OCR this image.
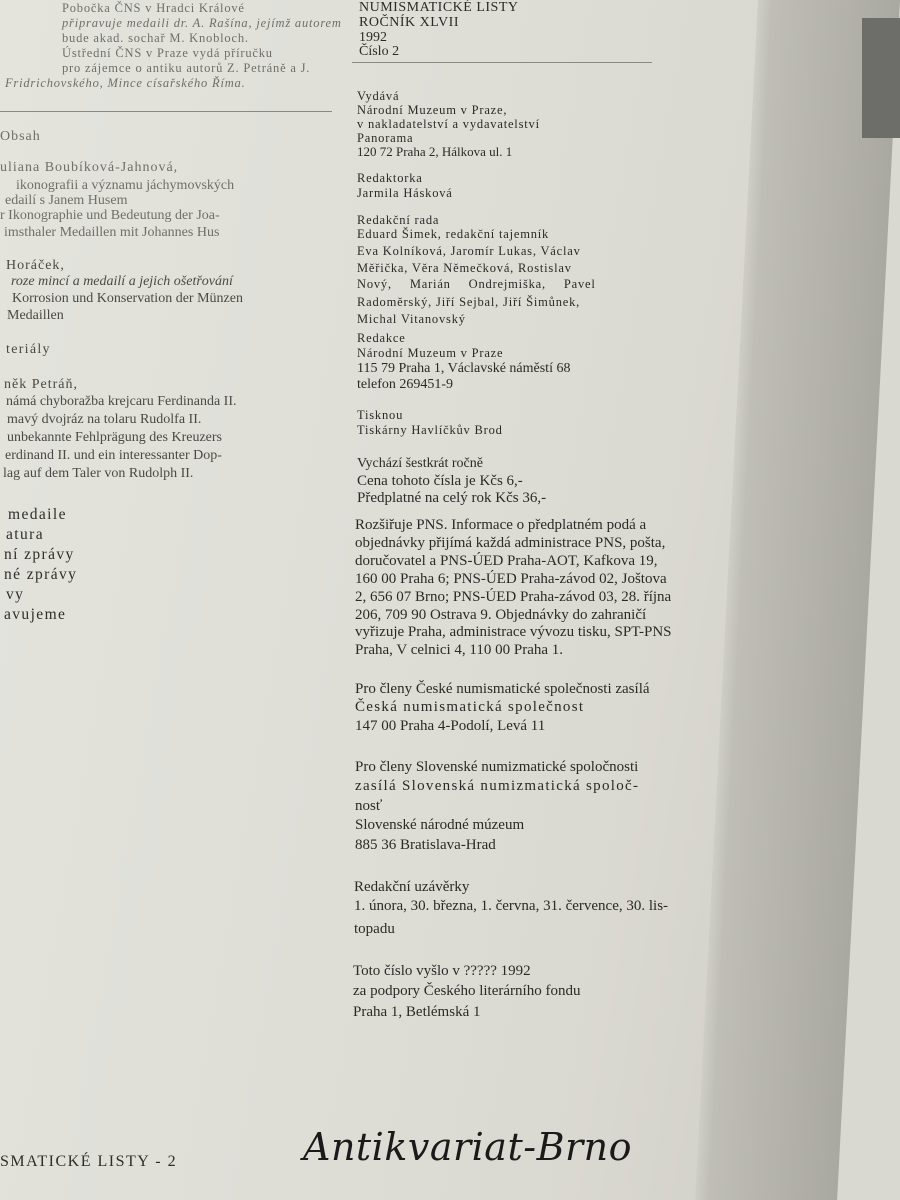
Pobočka ČNS v Hradci Králové
připravuje medaili dr. A. Rašína, jejímž autorem
bude akad. sochař M. Knobloch.
Ústřední ČNS v Praze vydá příručku
pro zájemce o antiku autorů Z. Petráně a J.
Fridrichovského, Mince císařského Říma.
Obsah
uliana Boubíková-Jahnová,
ikonografii a významu jáchymovských
edailí s Janem Husem
r Ikonographie und Bedeutung der Joa-
imsthaler Medaillen mit Johannes Hus
Horáček,
roze mincí a medailí a jejich ošetřování
Korrosion und Konservation der Münzen
Medaillen
teriály
něk Petráň,
námá chyboražba krejcaru Ferdinanda II.
mavý dvojráz na tolaru Rudolfa II.
unbekannte Fehlprägung des Kreuzers
erdinand II. und ein interessanter Dop-
lag auf dem Taler von Rudolph II.
medaile
atura
ní zprávy
né zprávy
vy
avujeme
SMATICKÉ LISTY - 2
NUMISMATICKÉ LISTY
ROČNÍK XLVII
1992
Číslo 2
Vydává
Národní Muzeum v Praze,
v nakladatelství a vydavatelství
Panorama
120 72 Praha 2, Hálkova ul. 1
Redaktorka
Jarmila Hásková
Redakční rada
Eduard Šimek, redakční tajemník
Eva Kolníková, Jaromír Lukas, Václav
Měřička, Věra Němečková, Rostislav
Nový, Marián Ondrejmiška, Pavel
Radoměrský, Jiří Sejbal, Jiří Šimůnek,
Michal Vitanovský
Redakce
Národní Muzeum v Praze
115 79 Praha 1, Václavské náměstí 68
telefon 269451-9
Tisknou
Tiskárny Havlíčkův Brod
Vychází šestkrát ročně
Cena tohoto čísla je Kčs 6,-
Předplatné na celý rok Kčs 36,-
Rozšiřuje PNS. Informace o předplatném podá a
objednávky přijímá každá administrace PNS, pošta,
doručovatel a PNS-ÚED Praha-AOT, Kafkova 19,
160 00 Praha 6; PNS-ÚED Praha-závod 02, Joštova
2, 656 07 Brno; PNS-ÚED Praha-závod 03, 28. října
206, 709 90 Ostrava 9. Objednávky do zahraničí
vyřizuje Praha, administrace vývozu tisku, SPT-PNS
Praha, V celnici 4, 110 00 Praha 1.
Pro členy České numismatické společnosti zasílá
Česká numismatická společnost
147 00 Praha 4-Podolí, Levá 11
Pro členy Slovenské numizmatické spoločnosti
zasílá Slovenská numizmatická spoloč-
nosť
Slovenské národné múzeum
885 36 Bratislava-Hrad
Redakční uzávěrky
1. února, 30. března, 1. června, 31. července, 30. lis-
topadu
Toto číslo vyšlo v ????? 1992
za podpory Českého literárního fondu
Praha 1, Betlémská 1
Antikvariat-Brno
